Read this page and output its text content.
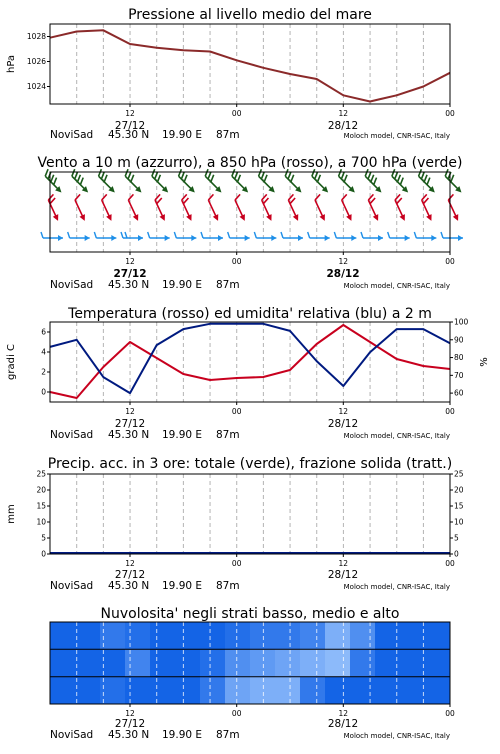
Pressione al livello medio del mare
hPa
1024
1026
1028
12	00	12	00
27/12	28/12
NoviSad 45.30 N 19.90 E 87m	Moloch model, CNR-ISAC, Italy
Vento a 10 m (azzurro), a 850 hPa (rosso), a 700 hPa (verde)
12	00	12	00
27/12	28/12
NoviSad 45.30 N 19.90 E 87m	Moloch model, CNR-ISAC, Italy
Temperatura (rosso) ed umidita' relativa (blu) a 2 m
gradi C	%
0
2
4
6
60
70
80
90
100
12	00	12	00
27/12	28/12
NoviSad 45.30 N 19.90 E 87m	Moloch model, CNR-ISAC, Italy
Precip. acc. in 3 ore: totale (verde), frazione solida (tratt.)
mm
0
5
10
15
20
25
0
5
10
15
20
25
12	00	12	00
27/12	28/12
NoviSad 45.30 N 19.90 E 87m	Moloch model, CNR-ISAC, Italy
Nuvolosita' negli strati basso, medio e alto
12	00	12	00
27/12	28/12
NoviSad 45.30 N 19.90 E 87m	Moloch model, CNR-ISAC, Italy
